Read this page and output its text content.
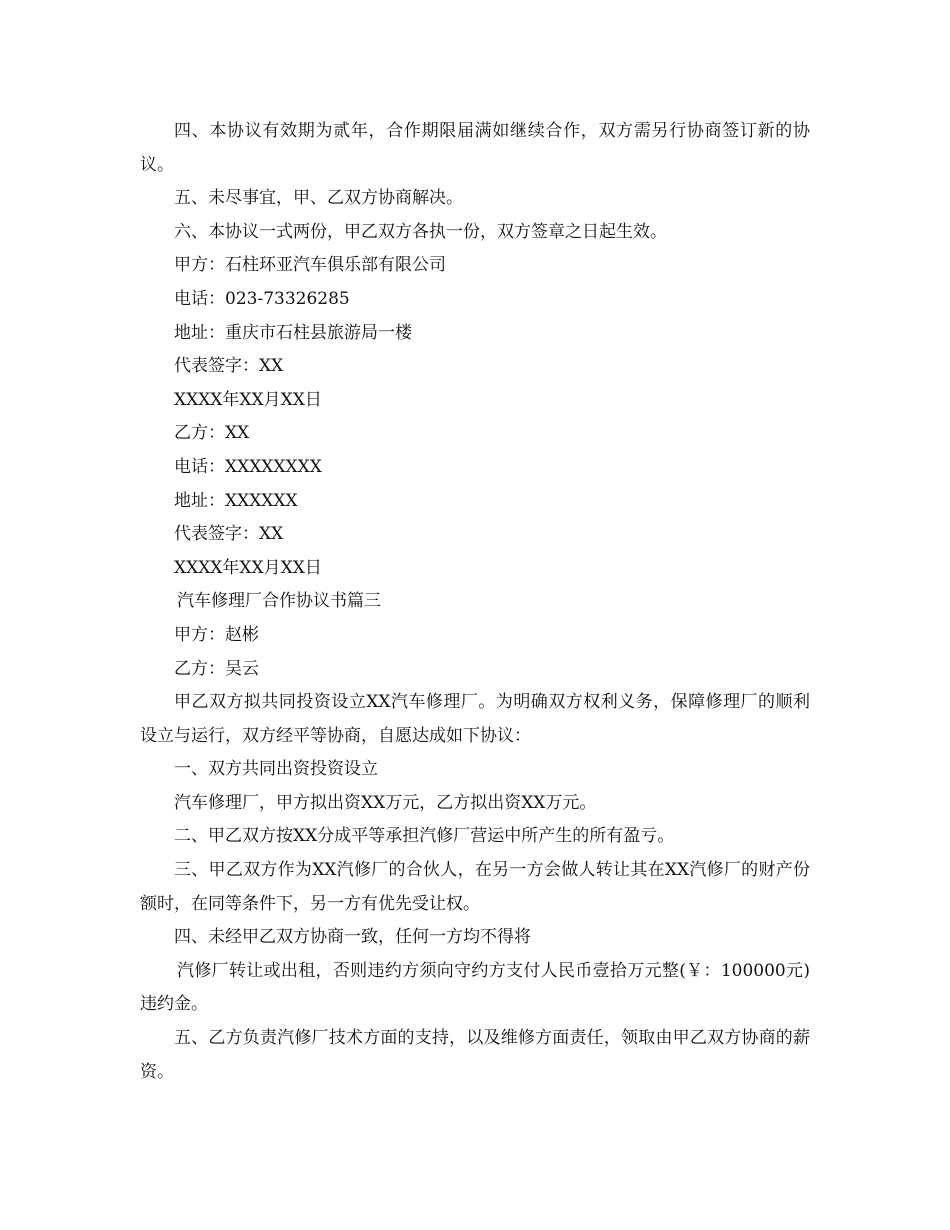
四、本协议有效期为贰年，合作期限届满如继续合作，双方需另行协商签订新的协议。

五、未尽事宜，甲、乙双方协商解决。

六、本协议一式两份，甲乙双方各执一份，双方签章之日起生效。

甲方：石柱环亚汽车俱乐部有限公司

电话：023-73326285

地址：重庆市石柱县旅游局一楼

代表签字：XX

XXXX年XX月XX日

乙方：XX

电话：XXXXXXXX

地址：XXXXXX

代表签字：XX

XXXX年XX月XX日

汽车修理厂合作协议书篇三

甲方：赵彬

乙方：吴云

甲乙双方拟共同投资设立XX汽车修理厂。为明确双方权利义务，保障修理厂的顺利设立与运行，双方经平等协商，自愿达成如下协议：

一、双方共同出资投资设立

汽车修理厂，甲方拟出资XX万元，乙方拟出资XX万元。

二、甲乙双方按XX分成平等承担汽修厂营运中所产生的所有盈亏。

三、甲乙双方作为XX汽修厂的合伙人，在另一方会做人转让其在XX汽修厂的财产份额时，在同等条件下，另一方有优先受让权。

四、未经甲乙双方协商一致，任何一方均不得将

汽修厂转让或出租，否则违约方须向守约方支付人民币壹拾万元整(￥：100000元)违约金。

五、乙方负责汽修厂技术方面的支持，以及维修方面责任，领取由甲乙双方协商的薪资。
